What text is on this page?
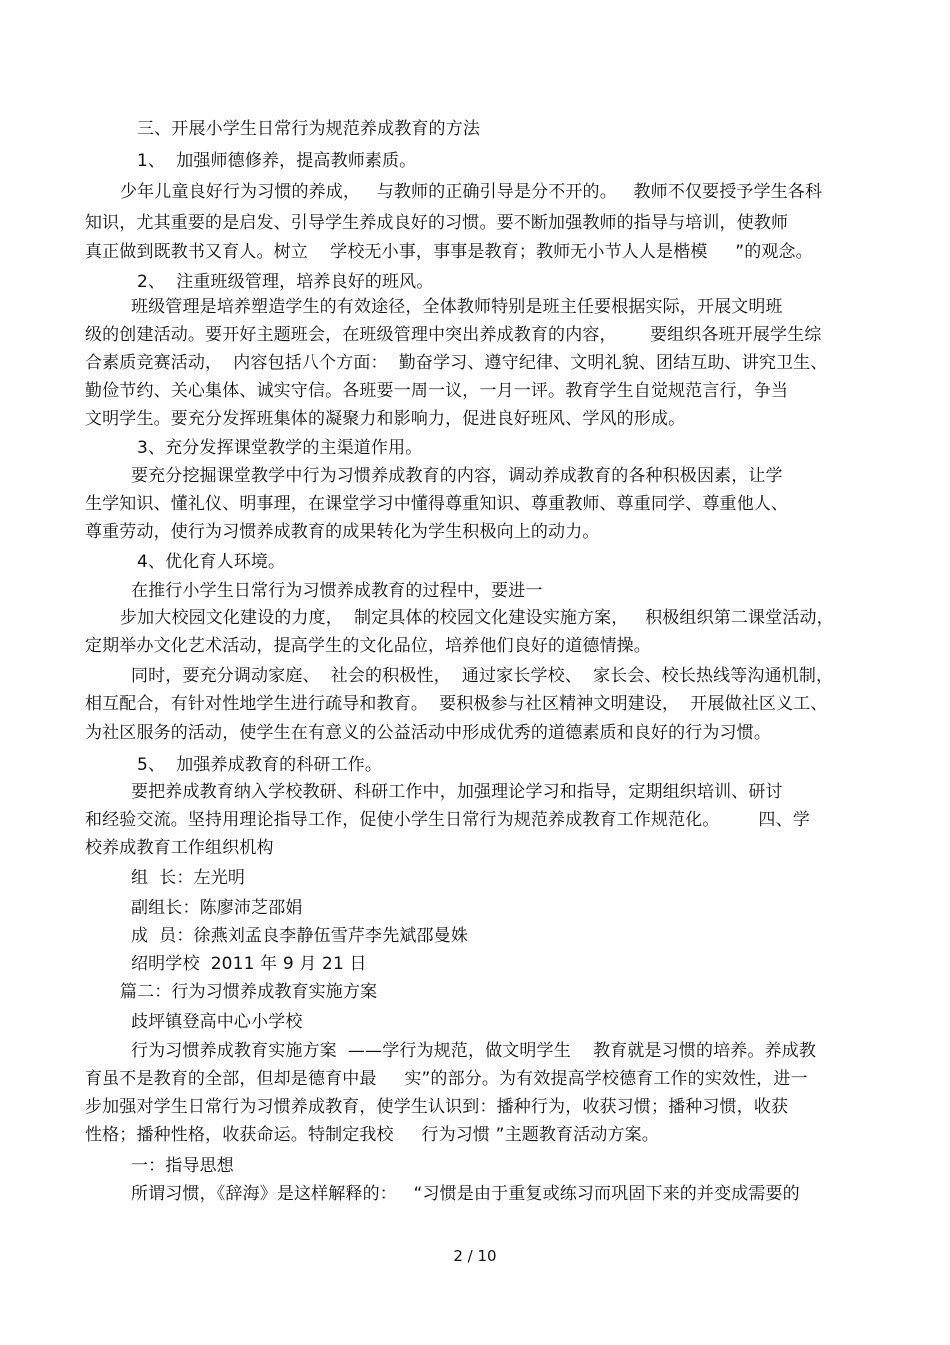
三、开展小学生日常行为规范养成教育的方法
1、  加强师德修养，提高教师素质。
少年儿童良好行为习惯的养成，   与教师的正确引导是分不开的。   教师不仅要授予学生各科
知识，尤其重要的是启发、引导学生养成良好的习惯。要不断加强教师的指导与培训，使教师
真正做到既教书又育人。树立    学校无小事，事事是教育；教师无小节人人是楷模     ”的观念。
2、  注重班级管理，培养良好的班风。
班级管理是培养塑造学生的有效途径，全体教师特别是班主任要根据实际，开展文明班
级的创建活动。要开好主题班会，在班级管理中突出养成教育的内容，      要组织各班开展学生综
合素质竞赛活动，  内容包括八个方面：  勤奋学习、遵守纪律、文明礼貌、团结互助、讲究卫生、
勤俭节约、关心集体、诚实守信。各班要一周一议，一月一评。教育学生自觉规范言行，争当
文明学生。要充分发挥班集体的凝聚力和影响力，促进良好班风、学风的形成。
3、充分发挥课堂教学的主渠道作用。
要充分挖掘课堂教学中行为习惯养成教育的内容，调动养成教育的各种积极因素，让学
生学知识、懂礼仪、明事理，在课堂学习中懂得尊重知识、尊重教师、尊重同学、尊重他人、
尊重劳动，使行为习惯养成教育的成果转化为学生积极向上的动力。
4、优化育人环境。
在推行小学生日常行为习惯养成教育的过程中，要进一
步加大校园文化建设的力度，  制定具体的校园文化建设实施方案，   积极组织第二课堂活动，
定期举办文化艺术活动，提高学生的文化品位，培养他们良好的道德情操。
同时，要充分调动家庭、  社会的积极性，  通过家长学校、  家长会、校长热线等沟通机制，
相互配合，有针对性地学生进行疏导和教育。  要积极参与社区精神文明建设，  开展做社区义工、
为社区服务的活动，使学生在有意义的公益活动中形成优秀的道德素质和良好的行为习惯。
5、  加强养成教育的科研工作。
要把养成教育纳入学校教研、科研工作中，加强理论学习和指导，定期组织培训、研讨
和经验交流。坚持用理论指导工作，促使小学生日常行为规范养成教育工作规范化。       四、学
校养成教育工作组织机构
组  长：左光明
副组长：陈廖沛芝邵娟
成  员：徐燕刘孟良李静伍雪芹李先斌邵曼姝
绍明学校  2011 年 9 月 21 日
篇二：行为习惯养成教育实施方案
歧坪镇登高中心小学校
行为习惯养成教育实施方案  ——学行为规范，做文明学生    教育就是习惯的培养。养成教
育虽不是教育的全部，但却是德育中最     实”的部分。为有效提高学校德育工作的实效性，进一
步加强对学生日常行为习惯养成教育，使学生认识到：播种行为，收获习惯；播种习惯，收获
性格；播种性格，收获命运。特制定我校     行为习惯 ”主题教育活动方案。
一：指导思想
所谓习惯，《辞海》是这样解释的：   “习惯是由于重复或练习而巩固下来的并变成需要的
2 / 10
